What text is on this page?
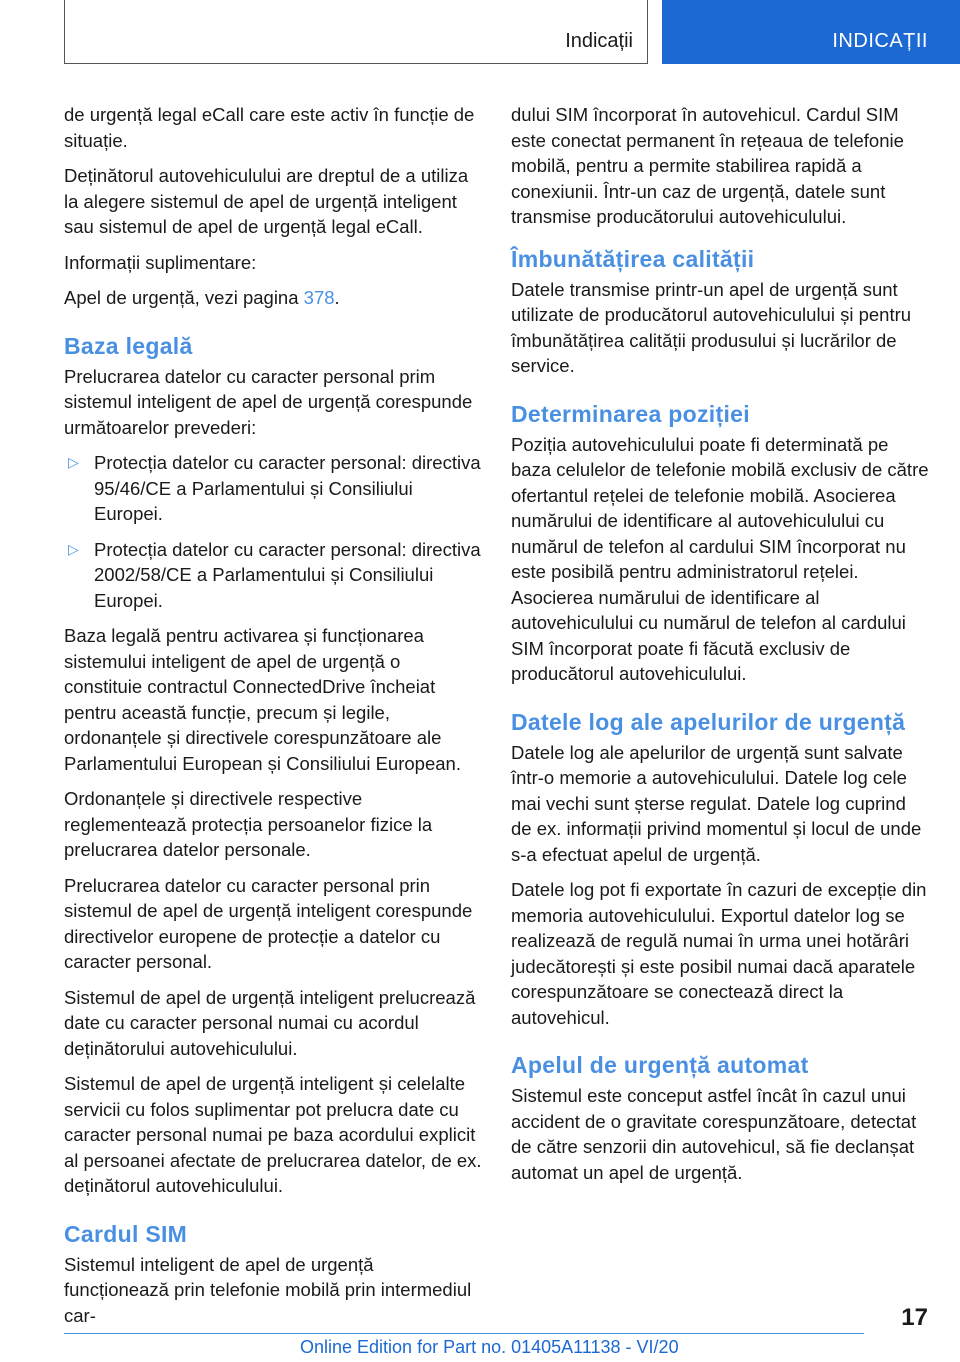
Indicații	INDICAȚII

de urgență legal eCall care este activ în funcție de situație.

Deținătorul autovehiculului are dreptul de a utiliza la alegere sistemul de apel de urgență inteligent sau sistemul de apel de urgență legal eCall.

Informații suplimentare:

Apel de urgență, vezi pagina 378.

Baza legală

Prelucrarea datelor cu caracter personal prim sistemul inteligent de apel de urgență corespunde următoarelor prevederi:

▷ Protecția datelor cu caracter personal: directiva 95/46/CE a Parlamentului și Consiliului Europei.
▷ Protecția datelor cu caracter personal: directiva 2002/58/CE a Parlamentului și Consiliului Europei.

Baza legală pentru activarea și funcționarea sistemului inteligent de apel de urgență o constituie contractul ConnectedDrive încheiat pentru această funcție, precum și legile, ordonanțele și directivele corespunzătoare ale Parlamentului European și Consiliului European.

Ordonanțele și directivele respective reglementează protecția persoanelor fizice la prelucrarea datelor personale.

Prelucrarea datelor cu caracter personal prin sistemul de apel de urgență inteligent corespunde directivelor europene de protecție a datelor cu caracter personal.

Sistemul de apel de urgență inteligent prelucrează date cu caracter personal numai cu acordul deținătorului autovehiculului.

Sistemul de apel de urgență inteligent și celelalte servicii cu folos suplimentar pot prelucra date cu caracter personal numai pe baza acordului explicit al persoanei afectate de prelucrarea datelor, de ex. deținătorul autovehiculului.

Cardul SIM

Sistemul inteligent de apel de urgență funcționează prin telefonie mobilă prin intermediul car-

dului SIM încorporat în autovehicul. Cardul SIM este conectat permanent în rețeaua de telefonie mobilă, pentru a permite stabilirea rapidă a conexiunii. Într-un caz de urgență, datele sunt transmise producătorului autovehiculului.

Îmbunătățirea calității

Datele transmise printr-un apel de urgență sunt utilizate de producătorul autovehiculului și pentru îmbunătățirea calității produsului și lucrărilor de service.

Determinarea poziției

Poziția autovehiculului poate fi determinată pe baza celulelor de telefonie mobilă exclusiv de către ofertantul rețelei de telefonie mobilă. Asocierea numărului de identificare al autovehiculului cu numărul de telefon al cardului SIM încorporat nu este posibilă pentru administratorul rețelei. Asocierea numărului de identificare al autovehiculului cu numărul de telefon al cardului SIM încorporat poate fi făcută exclusiv de producătorul autovehiculului.

Datele log ale apelurilor de urgență

Datele log ale apelurilor de urgență sunt salvate într-o memorie a autovehiculului. Datele log cele mai vechi sunt șterse regulat. Datele log cuprind de ex. informații privind momentul și locul de unde s-a efectuat apelul de urgență.

Datele log pot fi exportate în cazuri de excepție din memoria autovehiculului. Exportul datelor log se realizează de regulă numai în urma unei hotărâri judecătorești și este posibil numai dacă aparatele corespunzătoare se conectează direct la autovehicul.

Apelul de urgență automat

Sistemul este conceput astfel încât în cazul unui accident de o gravitate corespunzătoare, detectat de către senzorii din autovehicul, să fie declanșat automat un apel de urgență.

17
Online Edition for Part no. 01405A11138 - VI/20
